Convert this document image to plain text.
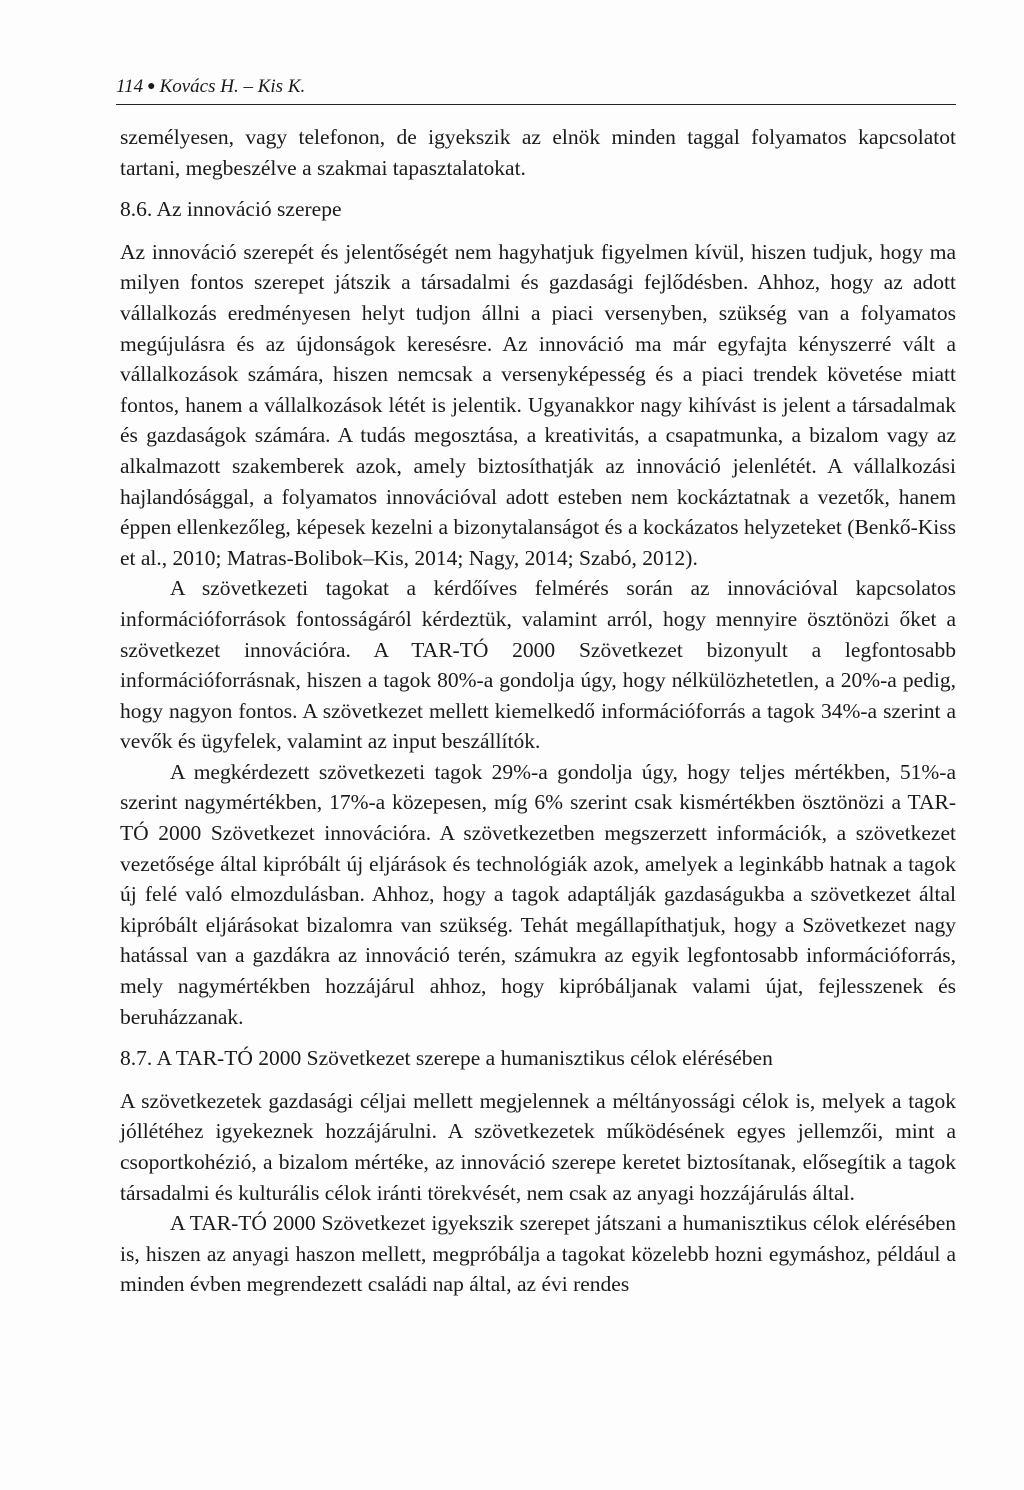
114 ● Kovács H. – Kis K.

személyesen, vagy telefonon, de igyekszik az elnök minden taggal folyamatos kapcsolatot tartani, megbeszélve a szakmai tapasztalatokat.

8.6. Az innováció szerepe

Az innováció szerepét és jelentőségét nem hagyhatjuk figyelmen kívül, hiszen tudjuk, hogy ma milyen fontos szerepet játszik a társadalmi és gazdasági fejlődésben. Ahhoz, hogy az adott vállalkozás eredményesen helyt tudjon állni a piaci versenyben, szükség van a folyamatos megújulásra és az újdonságok keresésre. Az innováció ma már egyfajta kényszerré vált a vállalkozások számára, hiszen nemcsak a versenyképesség és a piaci trendek követése miatt fontos, hanem a vállalkozások létét is jelentik. Ugyanakkor nagy kihívást is jelent a társadalmak és gazdaságok számára. A tudás megosztása, a kreativitás, a csapatmunka, a bizalom vagy az alkalmazott szakemberek azok, amely biztosíthatják az innováció jelenlétét. A vállalkozási hajlandósággal, a folyamatos innovációval adott esteben nem kockáztatnak a vezetők, hanem éppen ellenkezőleg, képesek kezelni a bizonytalanságot és a kockázatos helyzeteket (Benkő-Kiss et al., 2010; Matras-Bolibok–Kis, 2014; Nagy, 2014; Szabó, 2012).

A szövetkezeti tagokat a kérdőíves felmérés során az innovációval kapcsolatos információforrások fontosságáról kérdeztük, valamint arról, hogy mennyire ösztönözi őket a szövetkezet innovációra. A TAR-TÓ 2000 Szövetkezet bizonyult a legfontosabb információforrásnak, hiszen a tagok 80%-a gondolja úgy, hogy nélkülözhetetlen, a 20%-a pedig, hogy nagyon fontos. A szövetkezet mellett kiemelkedő információforrás a tagok 34%-a szerint a vevők és ügyfelek, valamint az input beszállítók.

A megkérdezett szövetkezeti tagok 29%-a gondolja úgy, hogy teljes mértékben, 51%-a szerint nagymértékben, 17%-a közepesen, míg 6% szerint csak kismértékben ösztönözi a TAR-TÓ 2000 Szövetkezet innovációra. A szövetkezetben megszerzett információk, a szövetkezet vezetősége által kipróbált új eljárások és technológiák azok, amelyek a leginkább hatnak a tagok új felé való elmozdulásban. Ahhoz, hogy a tagok adaptálják gazdaságukba a szövetkezet által kipróbált eljárásokat bizalomra van szükség. Tehát megállapíthatjuk, hogy a Szövetkezet nagy hatással van a gazdákra az innováció terén, számukra az egyik legfontosabb információforrás, mely nagymértékben hozzájárul ahhoz, hogy kipróbáljanak valami újat, fejlesszenek és beruházzanak.

8.7. A TAR-TÓ 2000 Szövetkezet szerepe a humanisztikus célok elérésében

A szövetkezetek gazdasági céljai mellett megjelennek a méltányossági célok is, melyek a tagok jóllétéhez igyekeznek hozzájárulni. A szövetkezetek működésének egyes jellemzői, mint a csoportkohézió, a bizalom mértéke, az innováció szerepe keretet biztosítanak, elősegítik a tagok társadalmi és kulturális célok iránti törekvését, nem csak az anyagi hozzájárulás által.

A TAR-TÓ 2000 Szövetkezet igyekszik szerepet játszani a humanisztikus célok elérésében is, hiszen az anyagi haszon mellett, megpróbálja a tagokat közelebb hozni egymáshoz, például a minden évben megrendezett családi nap által, az évi rendes
